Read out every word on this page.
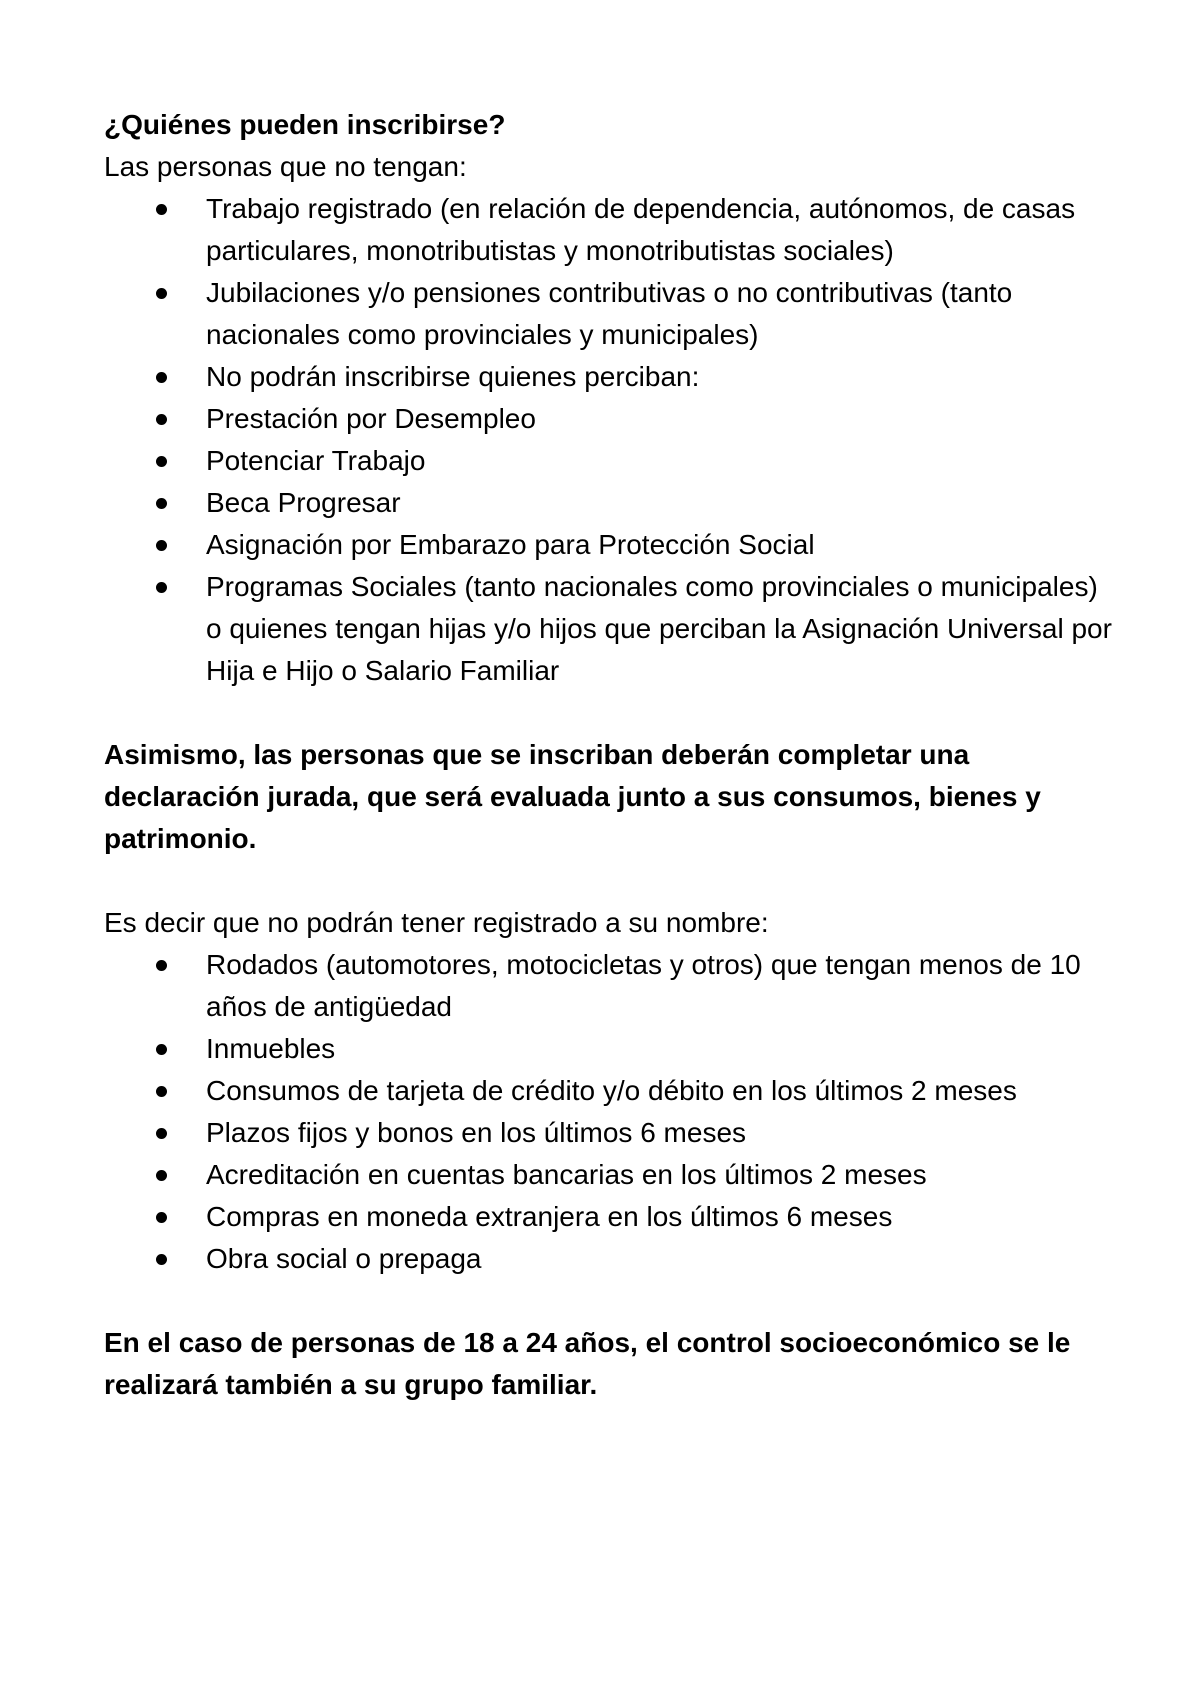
¿Quiénes pueden inscribirse?

Las personas que no tengan:

Trabajo registrado (en relación de dependencia, autónomos, de casas particulares, monotributistas y monotributistas sociales)
Jubilaciones y/o pensiones contributivas o no contributivas (tanto nacionales como provinciales y municipales)
No podrán inscribirse quienes perciban:
Prestación por Desempleo
Potenciar Trabajo
Beca Progresar
Asignación por Embarazo para Protección Social
Programas Sociales (tanto nacionales como provinciales o municipales) o quienes tengan hijas y/o hijos que perciban la Asignación Universal por Hija e Hijo o Salario Familiar

Asimismo, las personas que se inscriban deberán completar una declaración jurada, que será evaluada junto a sus consumos, bienes y patrimonio.

Es decir que no podrán tener registrado a su nombre:

Rodados (automotores, motocicletas y otros) que tengan menos de 10 años de antigüedad
Inmuebles
Consumos de tarjeta de crédito y/o débito en los últimos 2 meses
Plazos fijos y bonos en los últimos 6 meses
Acreditación en cuentas bancarias en los últimos 2 meses
Compras en moneda extranjera en los últimos 6 meses
Obra social o prepaga

En el caso de personas de 18 a 24 años, el control socioeconómico se le realizará también a su grupo familiar.
